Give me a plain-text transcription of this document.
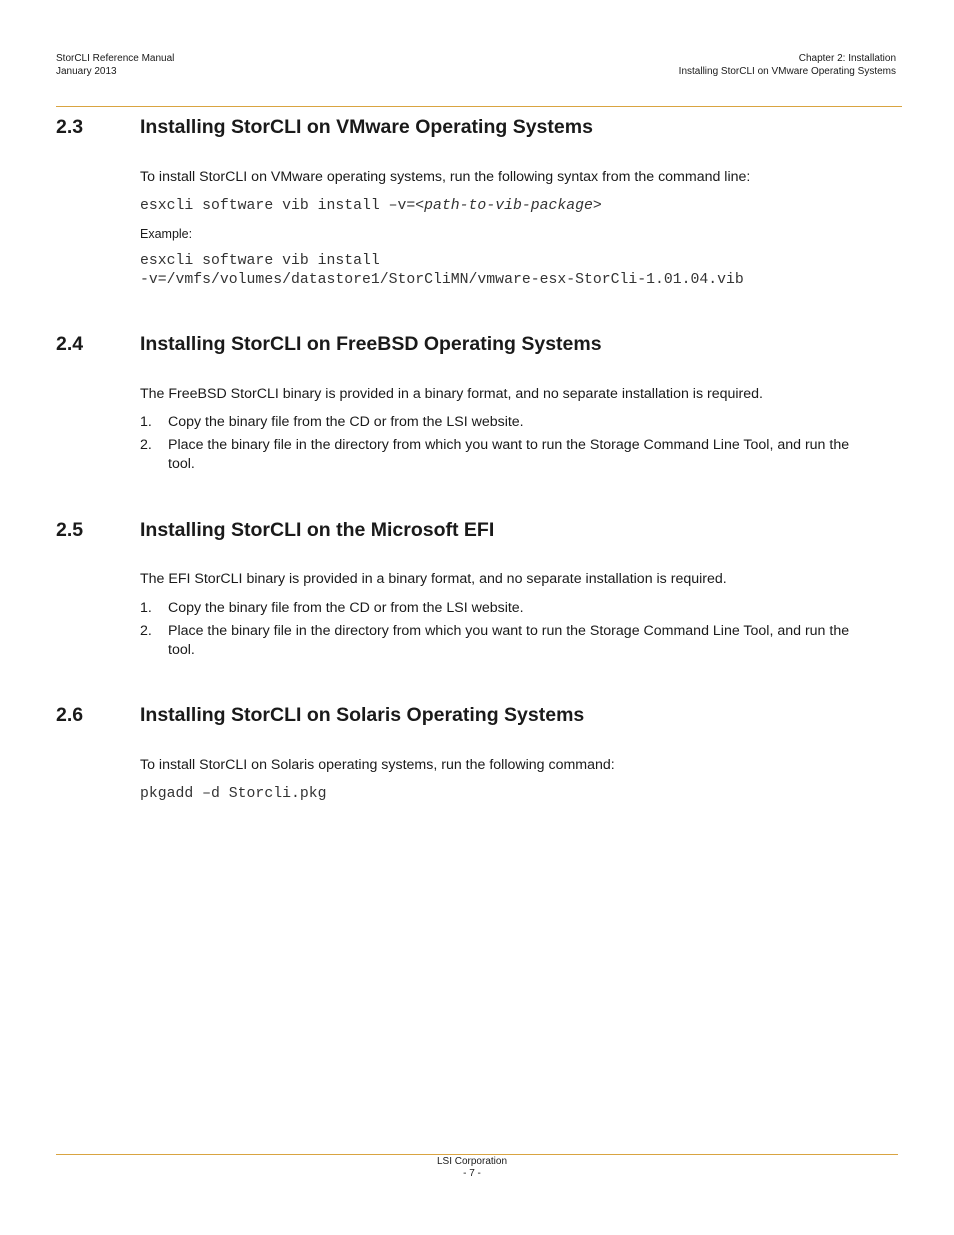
StorCLI Reference Manual
January 2013
Chapter 2: Installation
Installing StorCLI on VMware Operating Systems
2.3	Installing StorCLI on VMware Operating Systems
To install StorCLI on VMware operating systems, run the following syntax from the command line:
esxcli software vib install –v=<path-to-vib-package>
Example:
esxcli software vib install
-v=/vmfs/volumes/datastore1/StorCliMN/vmware-esx-StorCli-1.01.04.vib
2.4	Installing StorCLI on FreeBSD Operating Systems
The FreeBSD StorCLI binary is provided in a binary format, and no separate installation is required.
1.	Copy the binary file from the CD or from the LSI website.
2.	Place the binary file in the directory from which you want to run the Storage Command Line Tool, and run the tool.
2.5	Installing StorCLI on the Microsoft EFI
The EFI StorCLI binary is provided in a binary format, and no separate installation is required.
1.	Copy the binary file from the CD or from the LSI website.
2.	Place the binary file in the directory from which you want to run the Storage Command Line Tool, and run the tool.
2.6	Installing StorCLI on Solaris Operating Systems
To install StorCLI on Solaris operating systems, run the following command:
pkgadd –d Storcli.pkg
LSI Corporation
- 7 -
